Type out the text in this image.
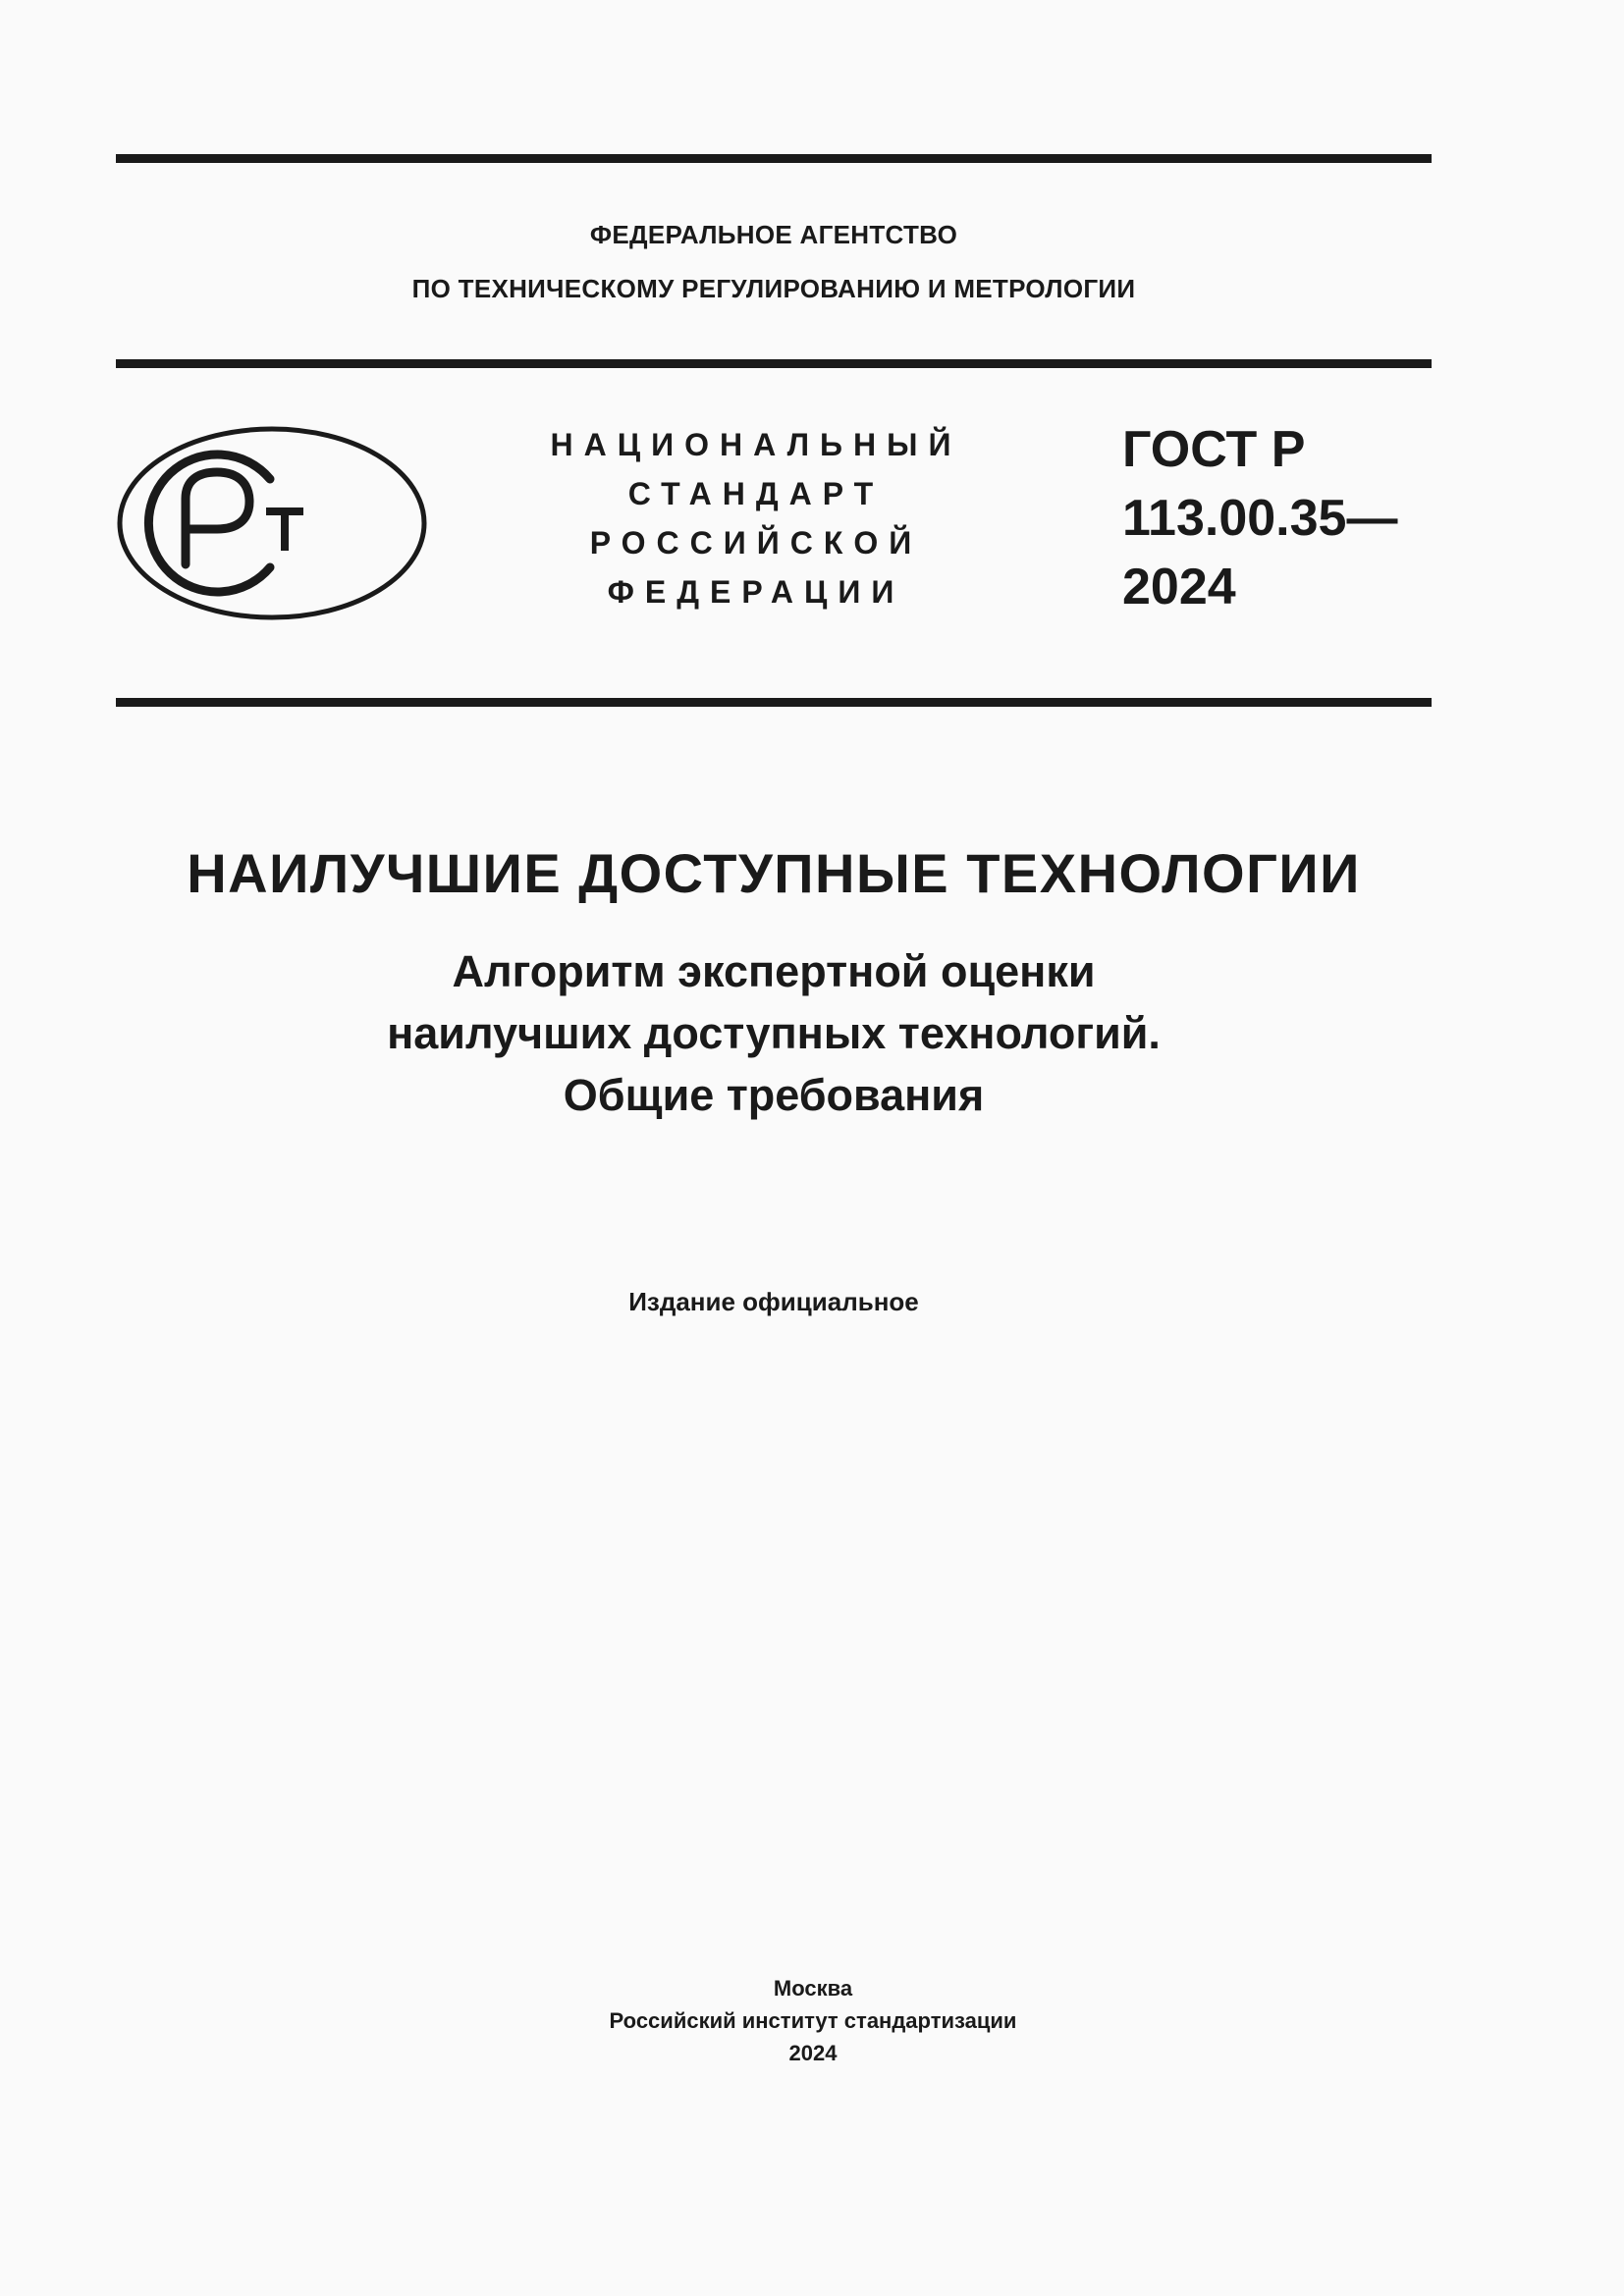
ФЕДЕРАЛЬНОЕ АГЕНТСТВО
ПО ТЕХНИЧЕСКОМУ РЕГУЛИРОВАНИЮ И МЕТРОЛОГИИ
НАЦИОНАЛЬНЫЙ
СТАНДАРТ
РОССИЙСКОЙ
ФЕДЕРАЦИИ
ГОСТ Р
113.00.35—
2024
НАИЛУЧШИЕ ДОСТУПНЫЕ ТЕХНОЛОГИИ
Алгоритм экспертной оценки
наилучших доступных технологий.
Общие требования
Издание официальное
Москва
Российский институт стандартизации
2024
